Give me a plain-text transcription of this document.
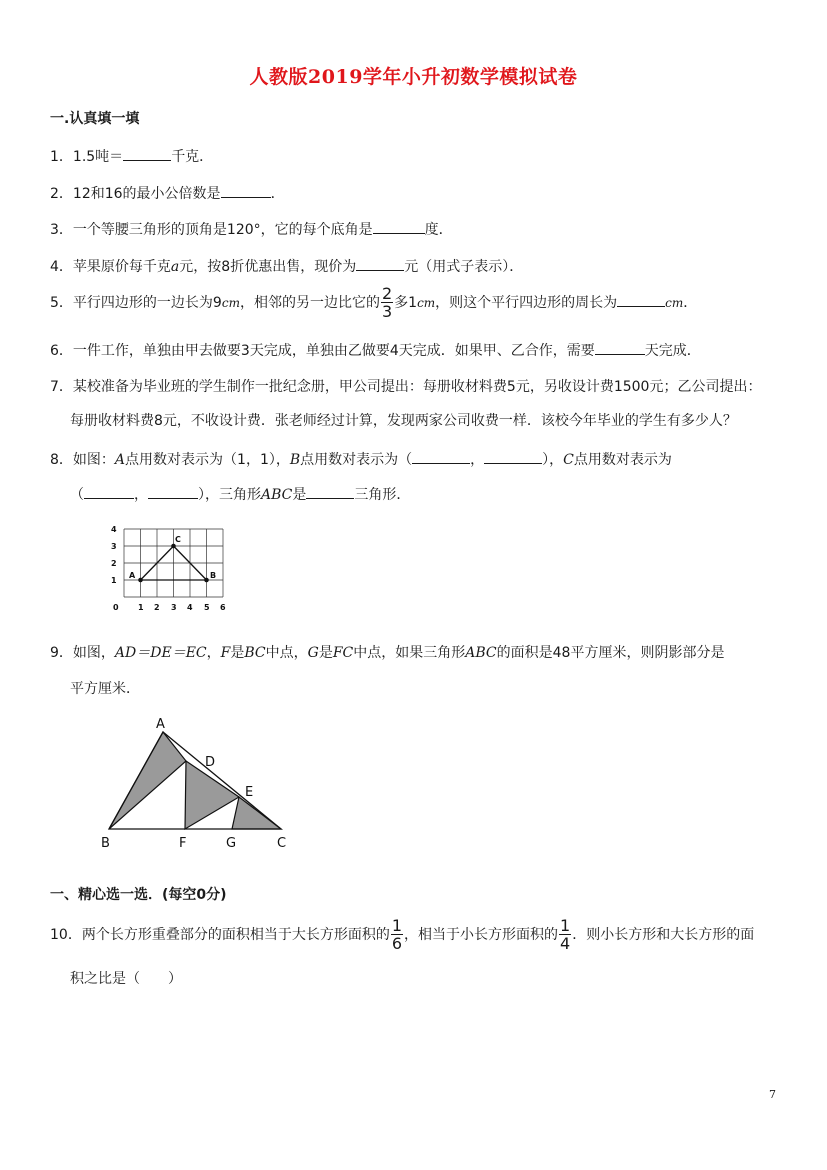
人教版2019学年小升初数学模拟试卷
一.认真填一填
1．1.5吨＝	千克．
2．12和16的最小公倍数是	．
3．一个等腰三角形的顶角是120°，它的每个底角是	度．
4．苹果原价每千克a元，按8折优惠出售，现价为	元（用式子表示）．
5．平行四边形的一边长为9cm，相邻的另一边比它的 $\frac{2}{3}$ 多1cm，则这个平行四边形的周长为	cm．
6．一件工作，单独由甲去做要3天完成，单独由乙做要4天完成．如果甲、乙合作，需要	天完成．
7．某校准备为毕业班的学生制作一批纪念册，甲公司提出：每册收材料费5元，另收设计费1500元；乙公司提出：
每册收材料费8元，不收设计费．张老师经过计算，发现两家公司收费一样．该校今年毕业的学生有多少人？
8．如图：A点用数对表示为（1，1），B点用数对表示为（	，	），C点用数对表示为
（	，	），三角形ABC是	三角形．
A	B
C
4
3
2
1
0 1 2 3 4 5 6
9．如图，AD＝DE＝EC，F是BC中点，G是FC中点，如果三角形ABC的面积是48平方厘米，则阴影部分是
平方厘米．
A
D
E
B	F	G	C
一、精心选一选．(每空0分)
10．两个长方形重叠部分的面积相当于大长方形面积的 $\frac{1}{6}$ ，相当于小长方形面积的 $\frac{1}{4}$ ．则小长方形和大长方形的面
积之比是（　　）
7
